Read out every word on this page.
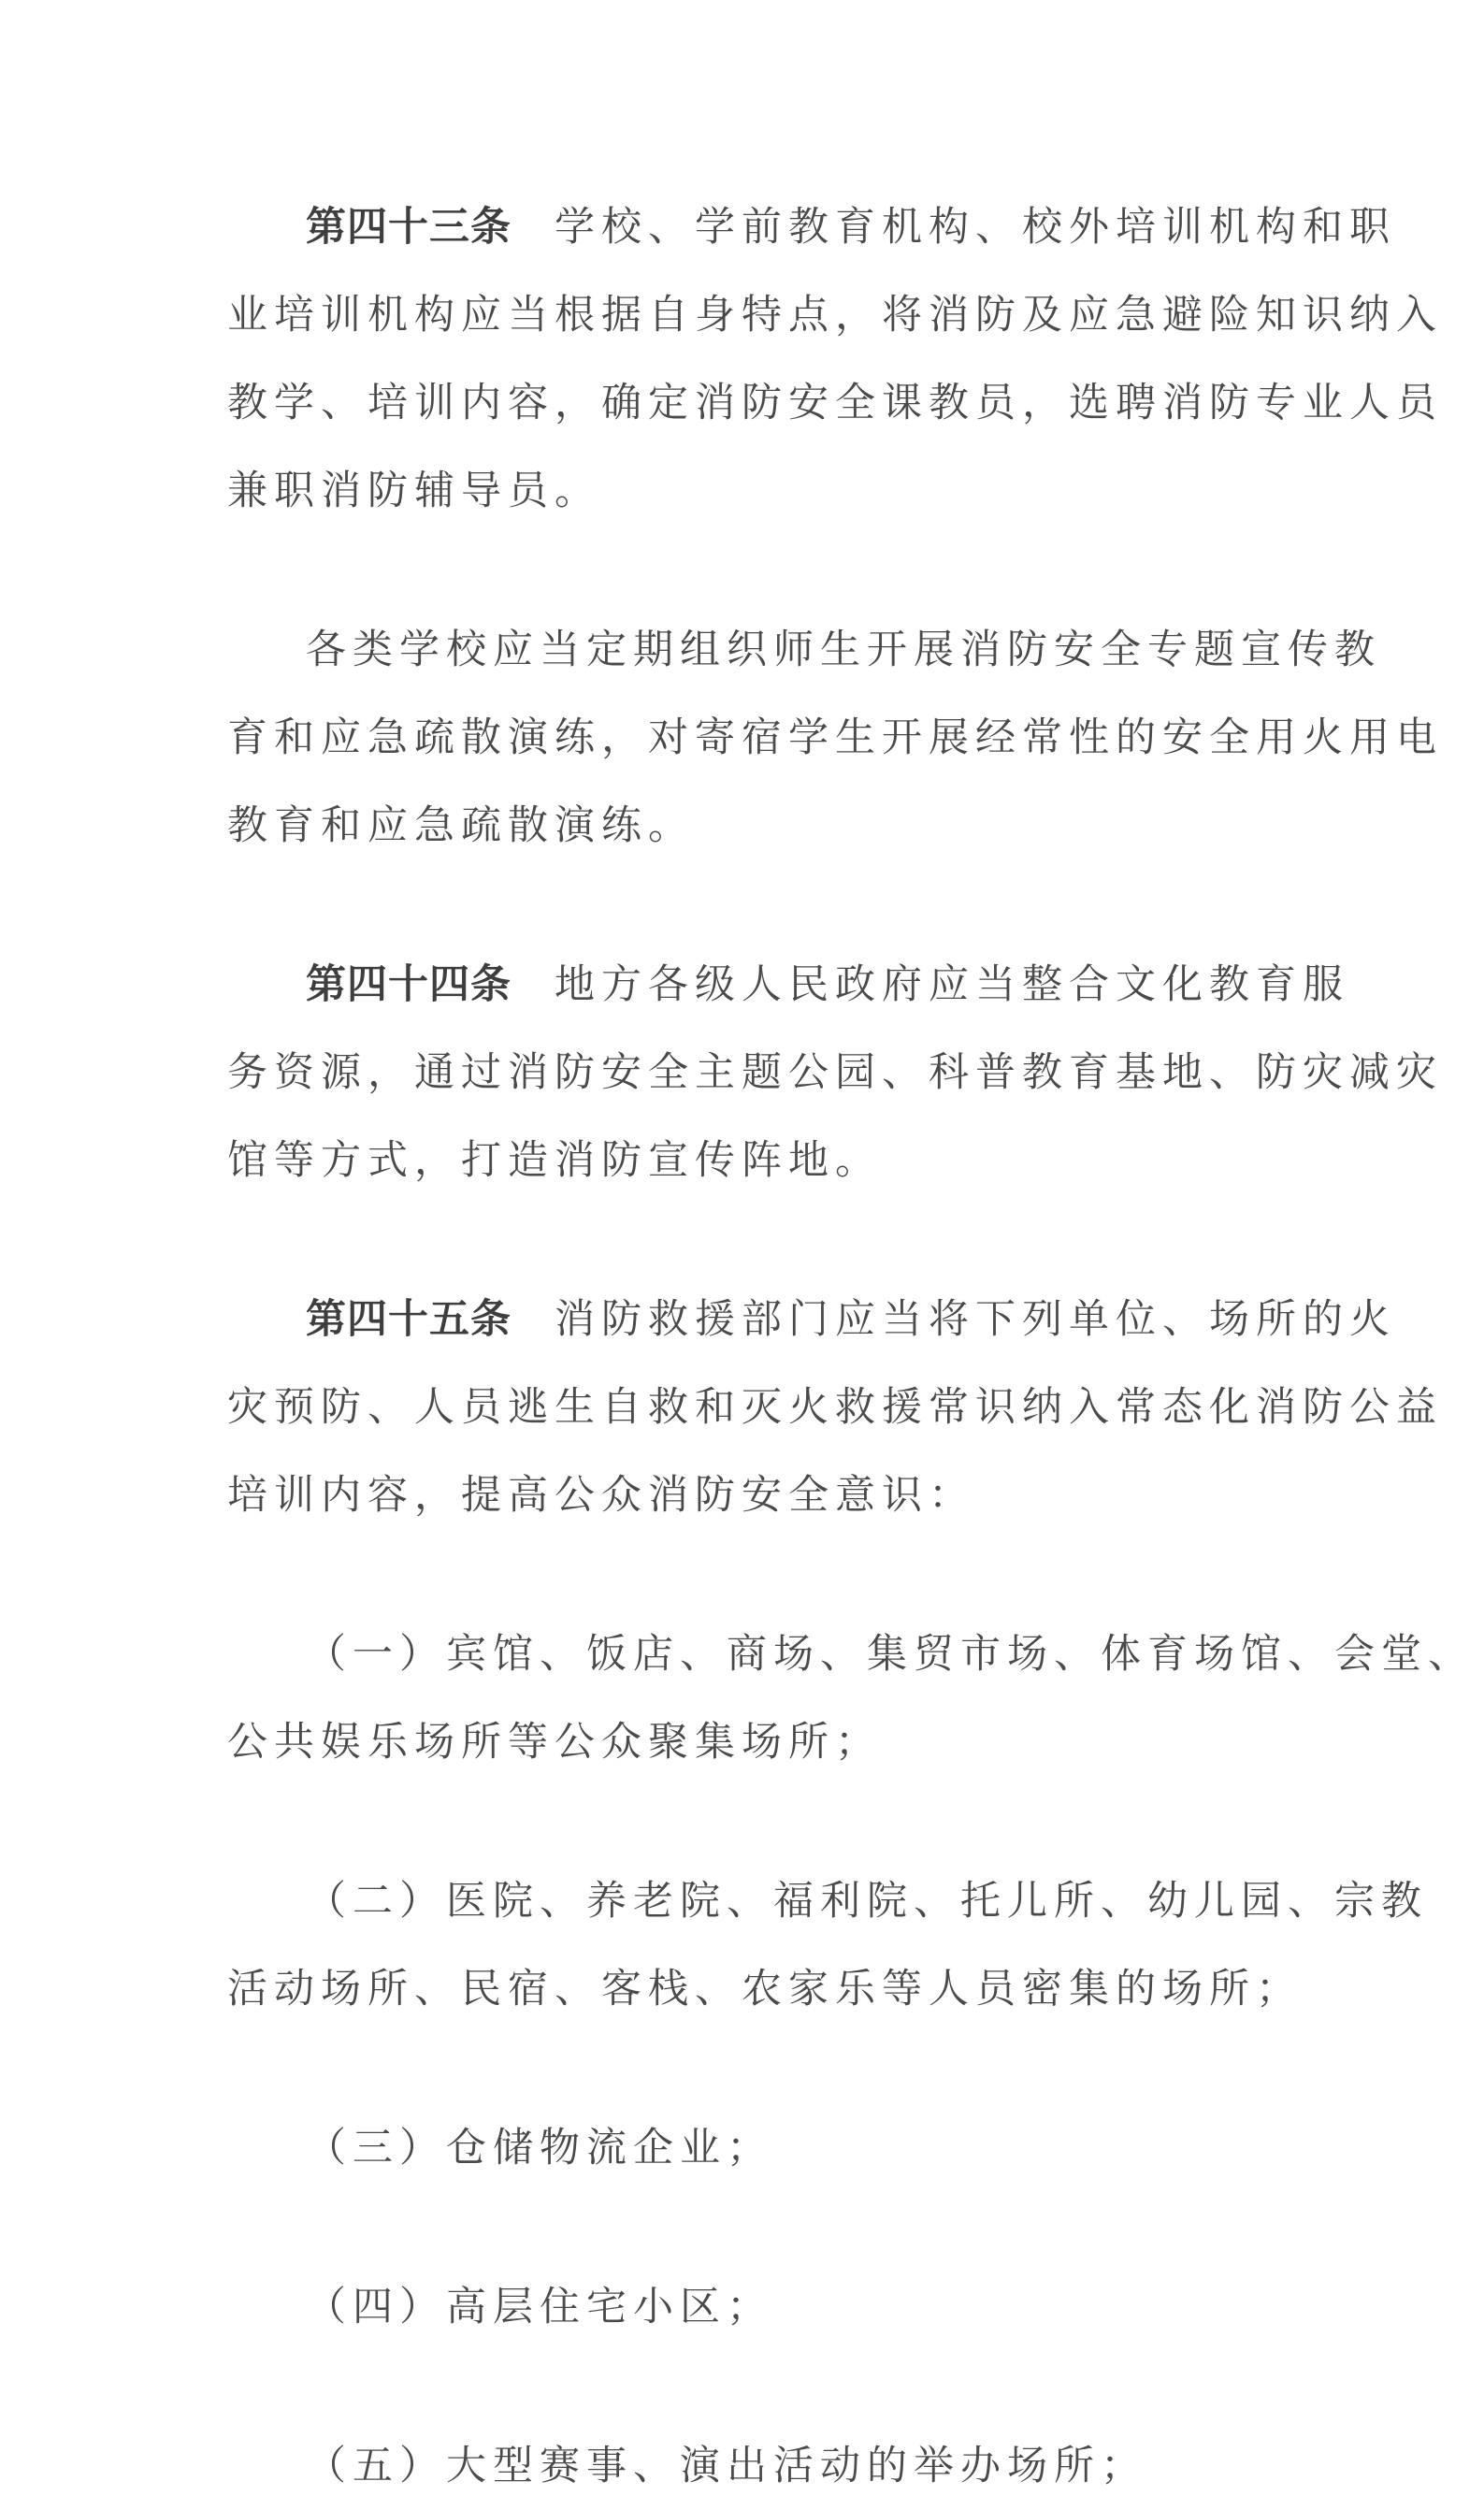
第四十三条 学校、学前教育机构、校外培训机构和职
业培训机构应当根据自身特点，将消防及应急避险知识纳入
教学、培训内容，确定消防安全课教员，选聘消防专业人员
兼职消防辅导员。
各类学校应当定期组织师生开展消防安全专题宣传教
育和应急疏散演练，对寄宿学生开展经常性的安全用火用电
教育和应急疏散演练。
第四十四条 地方各级人民政府应当整合文化教育服
务资源，通过消防安全主题公园、科普教育基地、防灾减灾
馆等方式，打造消防宣传阵地。
第四十五条 消防救援部门应当将下列单位、场所的火
灾预防、人员逃生自救和灭火救援常识纳入常态化消防公益
培训内容，提高公众消防安全意识：
（一）宾馆、饭店、商场、集贸市场、体育场馆、会堂、
公共娱乐场所等公众聚集场所；
（二）医院、养老院、福利院、托儿所、幼儿园、宗教
活动场所、民宿、客栈、农家乐等人员密集的场所；
（三）仓储物流企业；
（四）高层住宅小区；
（五）大型赛事、演出活动的举办场所；
